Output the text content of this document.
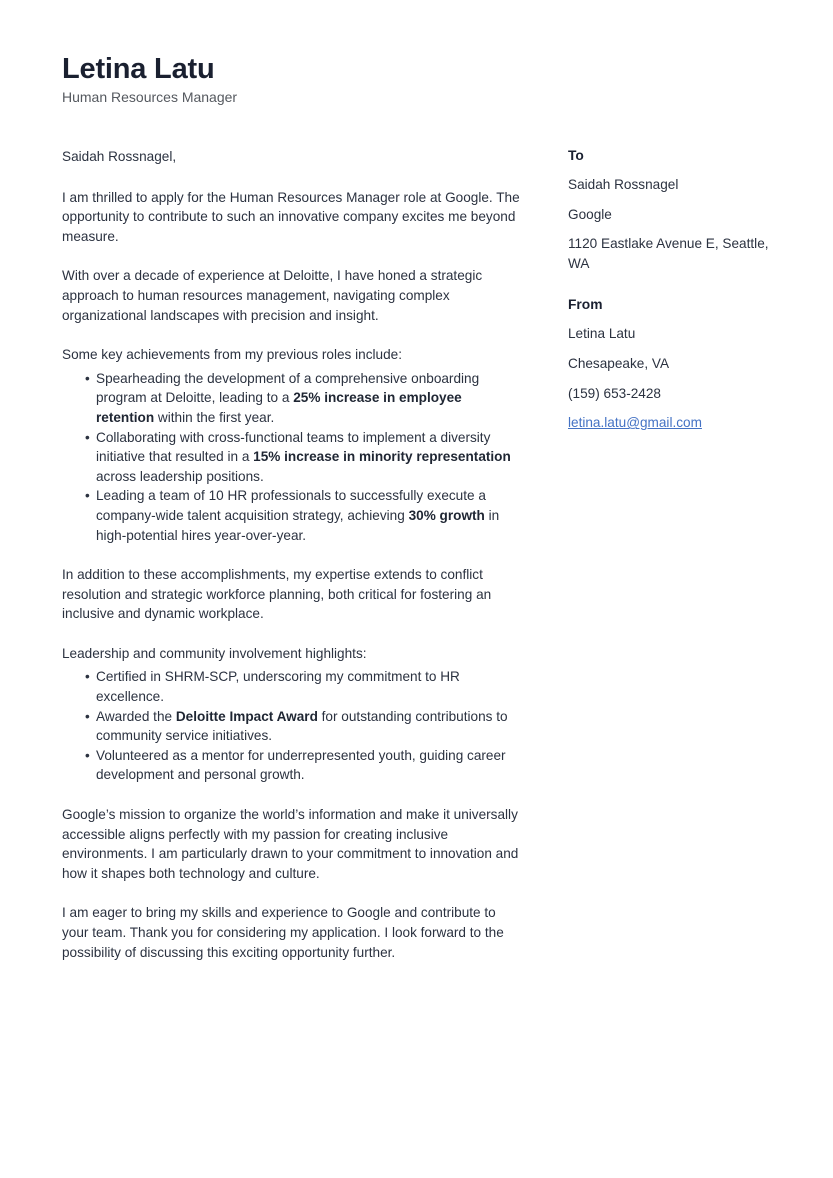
Letina Latu

Human Resources Manager

Saidah Rossnagel,

I am thrilled to apply for the Human Resources Manager role at Google. The opportunity to contribute to such an innovative company excites me beyond measure.

With over a decade of experience at Deloitte, I have honed a strategic approach to human resources management, navigating complex organizational landscapes with precision and insight.

Some key achievements from my previous roles include:

• Spearheading the development of a comprehensive onboarding program at Deloitte, leading to a 25% increase in employee retention within the first year.
• Collaborating with cross-functional teams to implement a diversity initiative that resulted in a 15% increase in minority representation across leadership positions.
• Leading a team of 10 HR professionals to successfully execute a company-wide talent acquisition strategy, achieving 30% growth in high-potential hires year-over-year.

In addition to these accomplishments, my expertise extends to conflict resolution and strategic workforce planning, both critical for fostering an inclusive and dynamic workplace.

Leadership and community involvement highlights:

• Certified in SHRM-SCP, underscoring my commitment to HR excellence.
• Awarded the Deloitte Impact Award for outstanding contributions to community service initiatives.
• Volunteered as a mentor for underrepresented youth, guiding career development and personal growth.

Google’s mission to organize the world’s information and make it universally accessible aligns perfectly with my passion for creating inclusive environments. I am particularly drawn to your commitment to innovation and how it shapes both technology and culture.

I am eager to bring my skills and experience to Google and contribute to your team. Thank you for considering my application. I look forward to the possibility of discussing this exciting opportunity further.

To

Saidah Rossnagel

Google

1120 Eastlake Avenue E, Seattle, WA

From

Letina Latu

Chesapeake, VA

(159) 653-2428

letina.latu@gmail.com
